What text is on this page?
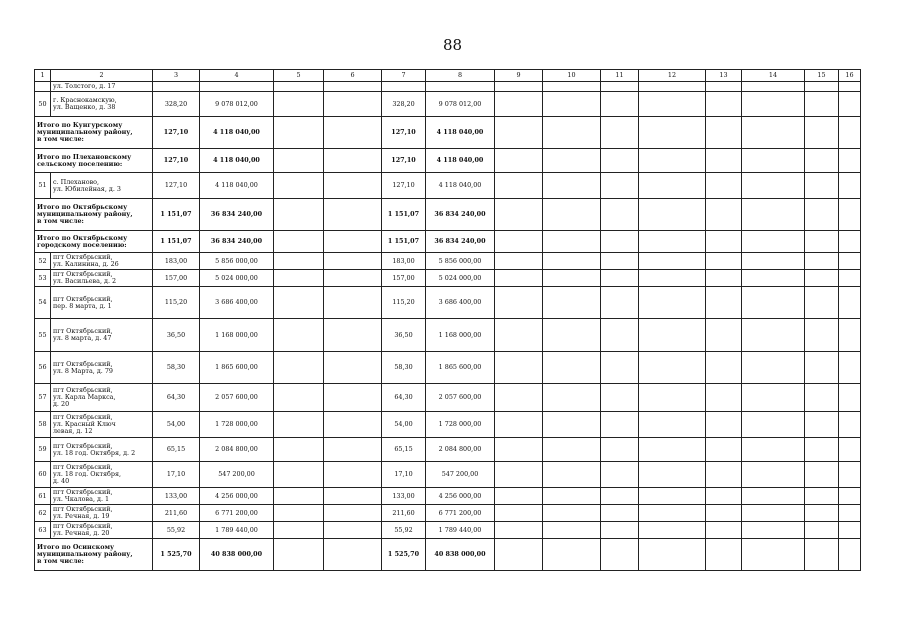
88
1	2	3	4	5	6	7	8	9	10	11	12	13	14	15	16

	ул. Толстого, д. 17														

50	г. Краснокамскую,
ул. Ващенко, д. 38	328,20	9 078 012,00			328,20	9 078 012,00								

Итого по Кунгурскому
муниципальному району,
в том числе:		127,10	4 118 040,00			127,10	4 118 040,00								

Итого по Плехановскому
сельскому поселению:		127,10	4 118 040,00			127,10	4 118 040,00								
51	с. Плеханово,
ул. Юбилейная, д. 3	127,10	4 118 040,00			127,10	4 118 040,00								

Итого по Октябрьскому
муниципальному району,
в том числе:		1 151,07	36 834 240,00			1 151,07	36 834 240,00								

Итого по Октябрьскому
городскому поселению:		1 151,07	36 834 240,00			1 151,07	36 834 240,00								
52	пгт Октябрьский,
ул. Калинина, д. 26	183,00	5 856 000,00			183,00	5 856 000,00								
53	пгт Октябрьский,
ул. Васильева, д. 2	157,00	5 024 000,00			157,00	5 024 000,00								
54	пгт Октябрьский,
пер. 8 марта, д. 1	115,20	3 686 400,00			115,20	3 686 400,00								
55	пгт Октябрьский,
ул. 8 марта, д. 47	36,50	1 168 000,00			36,50	1 168 000,00								
56	пгт Октябрьский,
ул. 8 Марта, д. 79	58,30	1 865 600,00			58,30	1 865 600,00								
57	пгт Октябрьский,
ул. Карла Маркса,
д. 20	64,30	2 057 600,00			64,30	2 057 600,00								
58	пгт Октябрьский,
ул. Красный Ключ
левая, д. 12	54,00	1 728 000,00			54,00	1 728 000,00								
59	пгт Октябрьский,
ул. 18 год. Октября, д. 2	65,15	2 084 800,00			65,15	2 084 800,00								
60	пгт Октябрьский,
ул. 18 год. Октября,
д. 40	17,10	547 200,00			17,10	547 200,00								
61	пгт Октябрьский,
ул. Чкалова, д. 1	133,00	4 256 000,00			133,00	4 256 000,00								
62	пгт Октябрьский,
ул. Речная, д. 19	211,60	6 771 200,00			211,60	6 771 200,00								
63	пгт Октябрьский,
ул. Речная, д. 20	55,92	1 789 440,00			55,92	1 789 440,00								

Итого по Осинскому
муниципальному району,
в том числе:		1 525,70	40 838 000,00			1 525,70	40 838 000,00								
